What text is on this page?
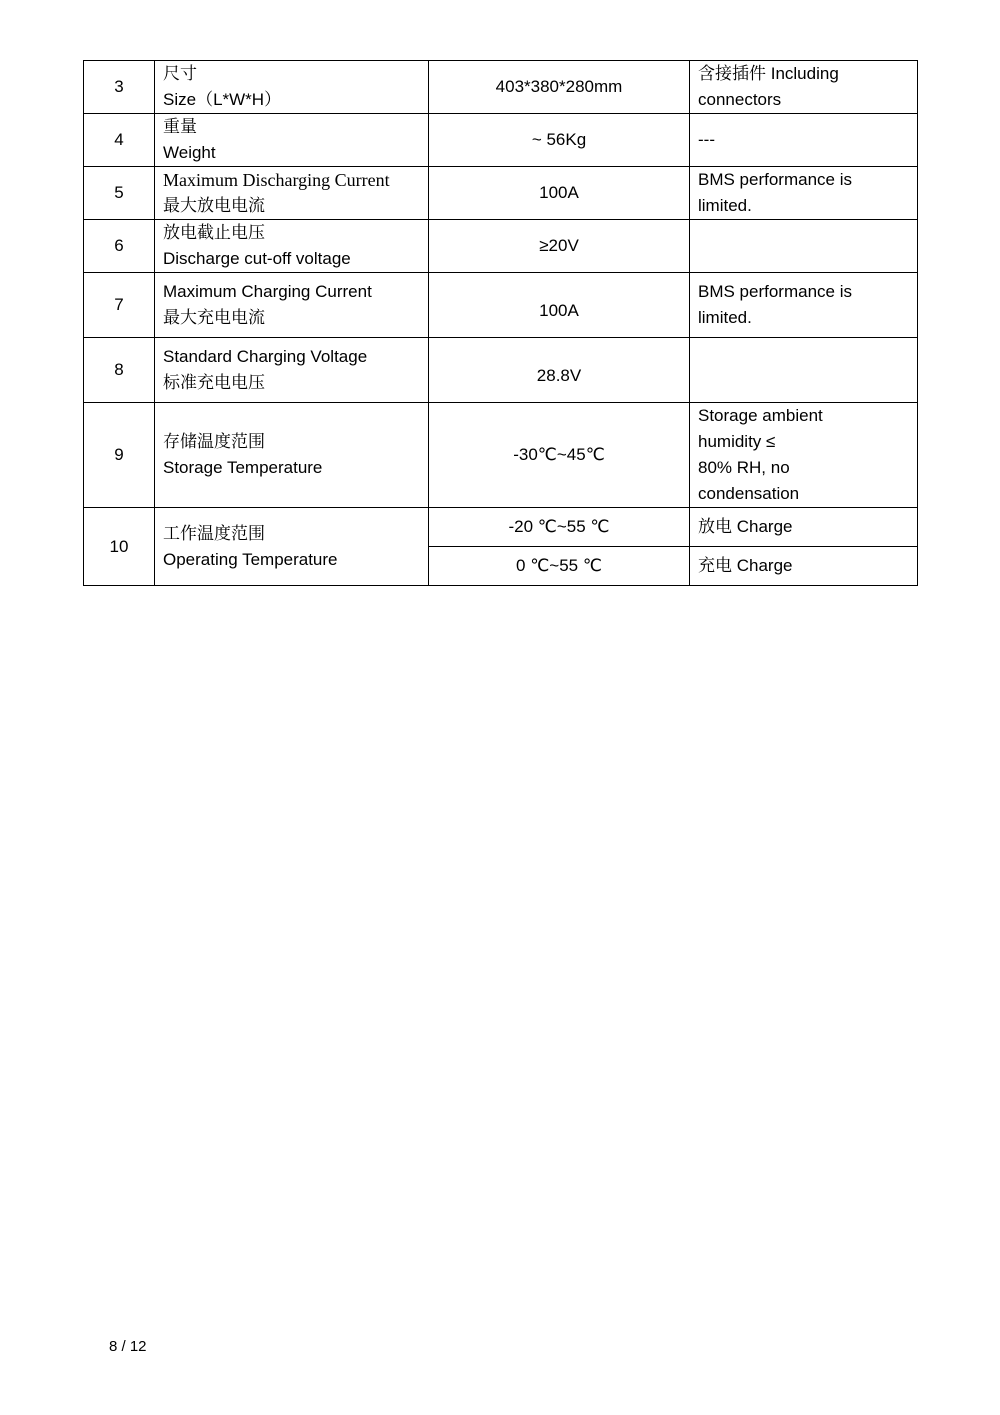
3	尺寸
Size（L*W*H）	403*380*280mm	含接插件 Including
connectors

4	重量
Weight	~ 56Kg	---

5	Maximum Discharging Current
最大放电电流	100A	BMS performance is
limited.

6	放电截止电压
Discharge cut-off voltage	≥20V	

7	Maximum Charging Current
最大充电电流	100A	BMS performance is
limited.

8	Standard Charging Voltage
标准充电电压	28.8V	

9	存储温度范围
Storage Temperature	-30℃~45℃	Storage ambient
humidity ≤
80% RH, no
condensation

10	工作温度范围
Operating Temperature	-20 ℃~55 ℃	放电 Charge
		0 ℃~55 ℃	充电 Charge
8 / 12
